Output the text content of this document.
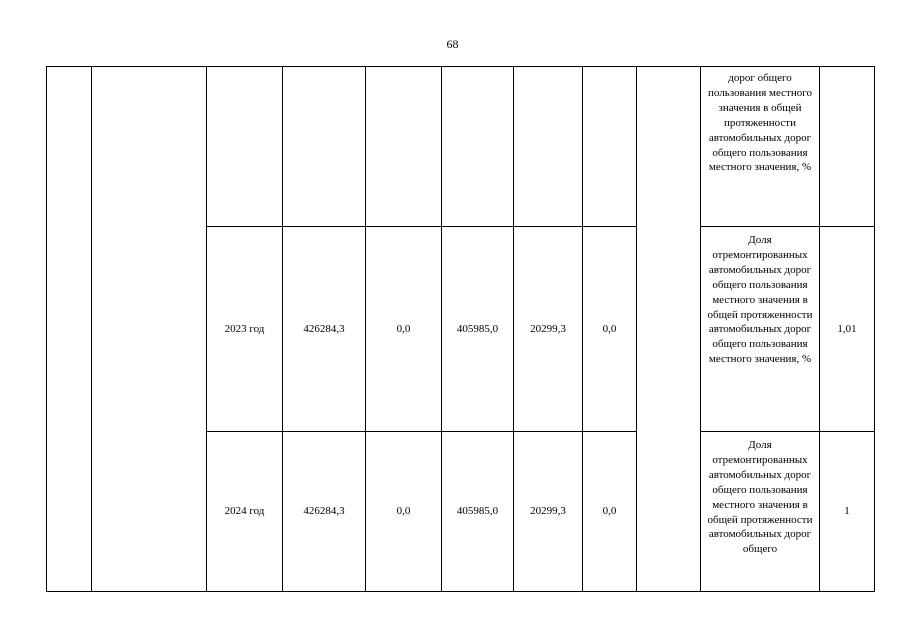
68
									дорог общего пользования местного значения в общей протяженности автомобильных дорог общего пользования местного значения, %	
		2023 год	426284,3	0,0	405985,0	20299,3	0,0		Доля отремонтированных автомобильных дорог общего пользования местного значения в общей протяженности автомобильных дорог общего пользования местного значения, %	1,01
		2024 год	426284,3	0,0	405985,0	20299,3	0,0		Доля отремонтированных автомобильных дорог общего пользования местного значения в общей протяженности автомобильных дорог общего	1
